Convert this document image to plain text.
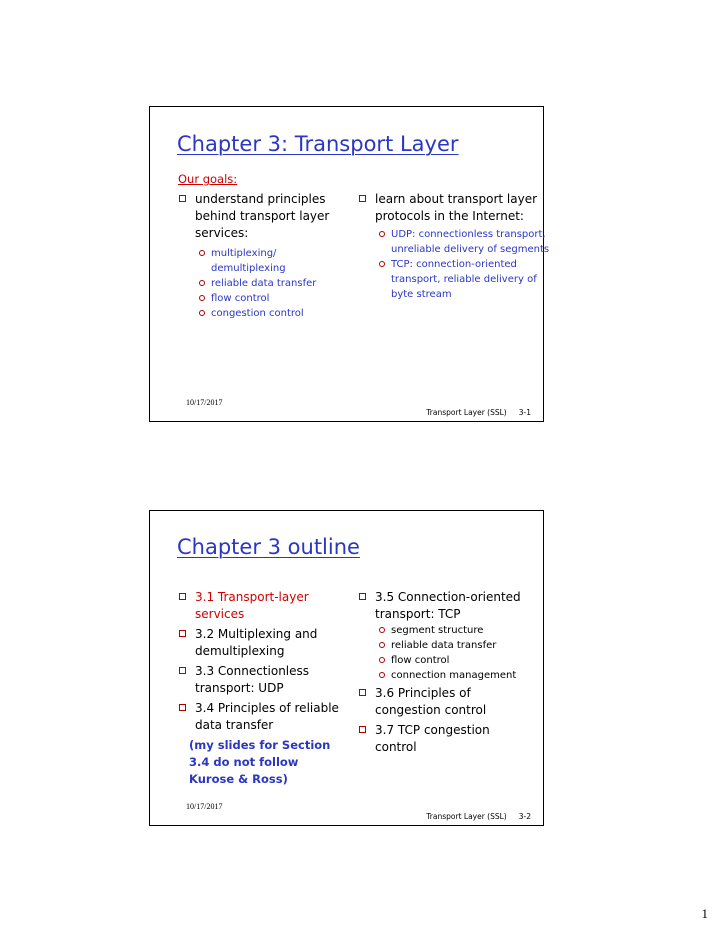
Chapter 3: Transport Layer
Our goals:
understand principles behind transport layer services:
multiplexing/ demultiplexing
reliable data transfer
flow control
congestion control
learn about transport layer protocols in the Internet:
UDP: connectionless transport, unreliable delivery of segments
TCP: connection-oriented transport, reliable delivery of byte stream
10/17/2017
Transport Layer (SSL) 3-1
Chapter 3 outline
3.1 Transport-layer services
3.2 Multiplexing and demultiplexing
3.3 Connectionless transport: UDP
3.4 Principles of reliable data transfer
(my slides for Section 3.4 do not follow Kurose & Ross)
3.5 Connection-oriented transport: TCP
segment structure
reliable data transfer
flow control
connection management
3.6 Principles of congestion control
3.7 TCP congestion control
10/17/2017
Transport Layer (SSL) 3-2
1
